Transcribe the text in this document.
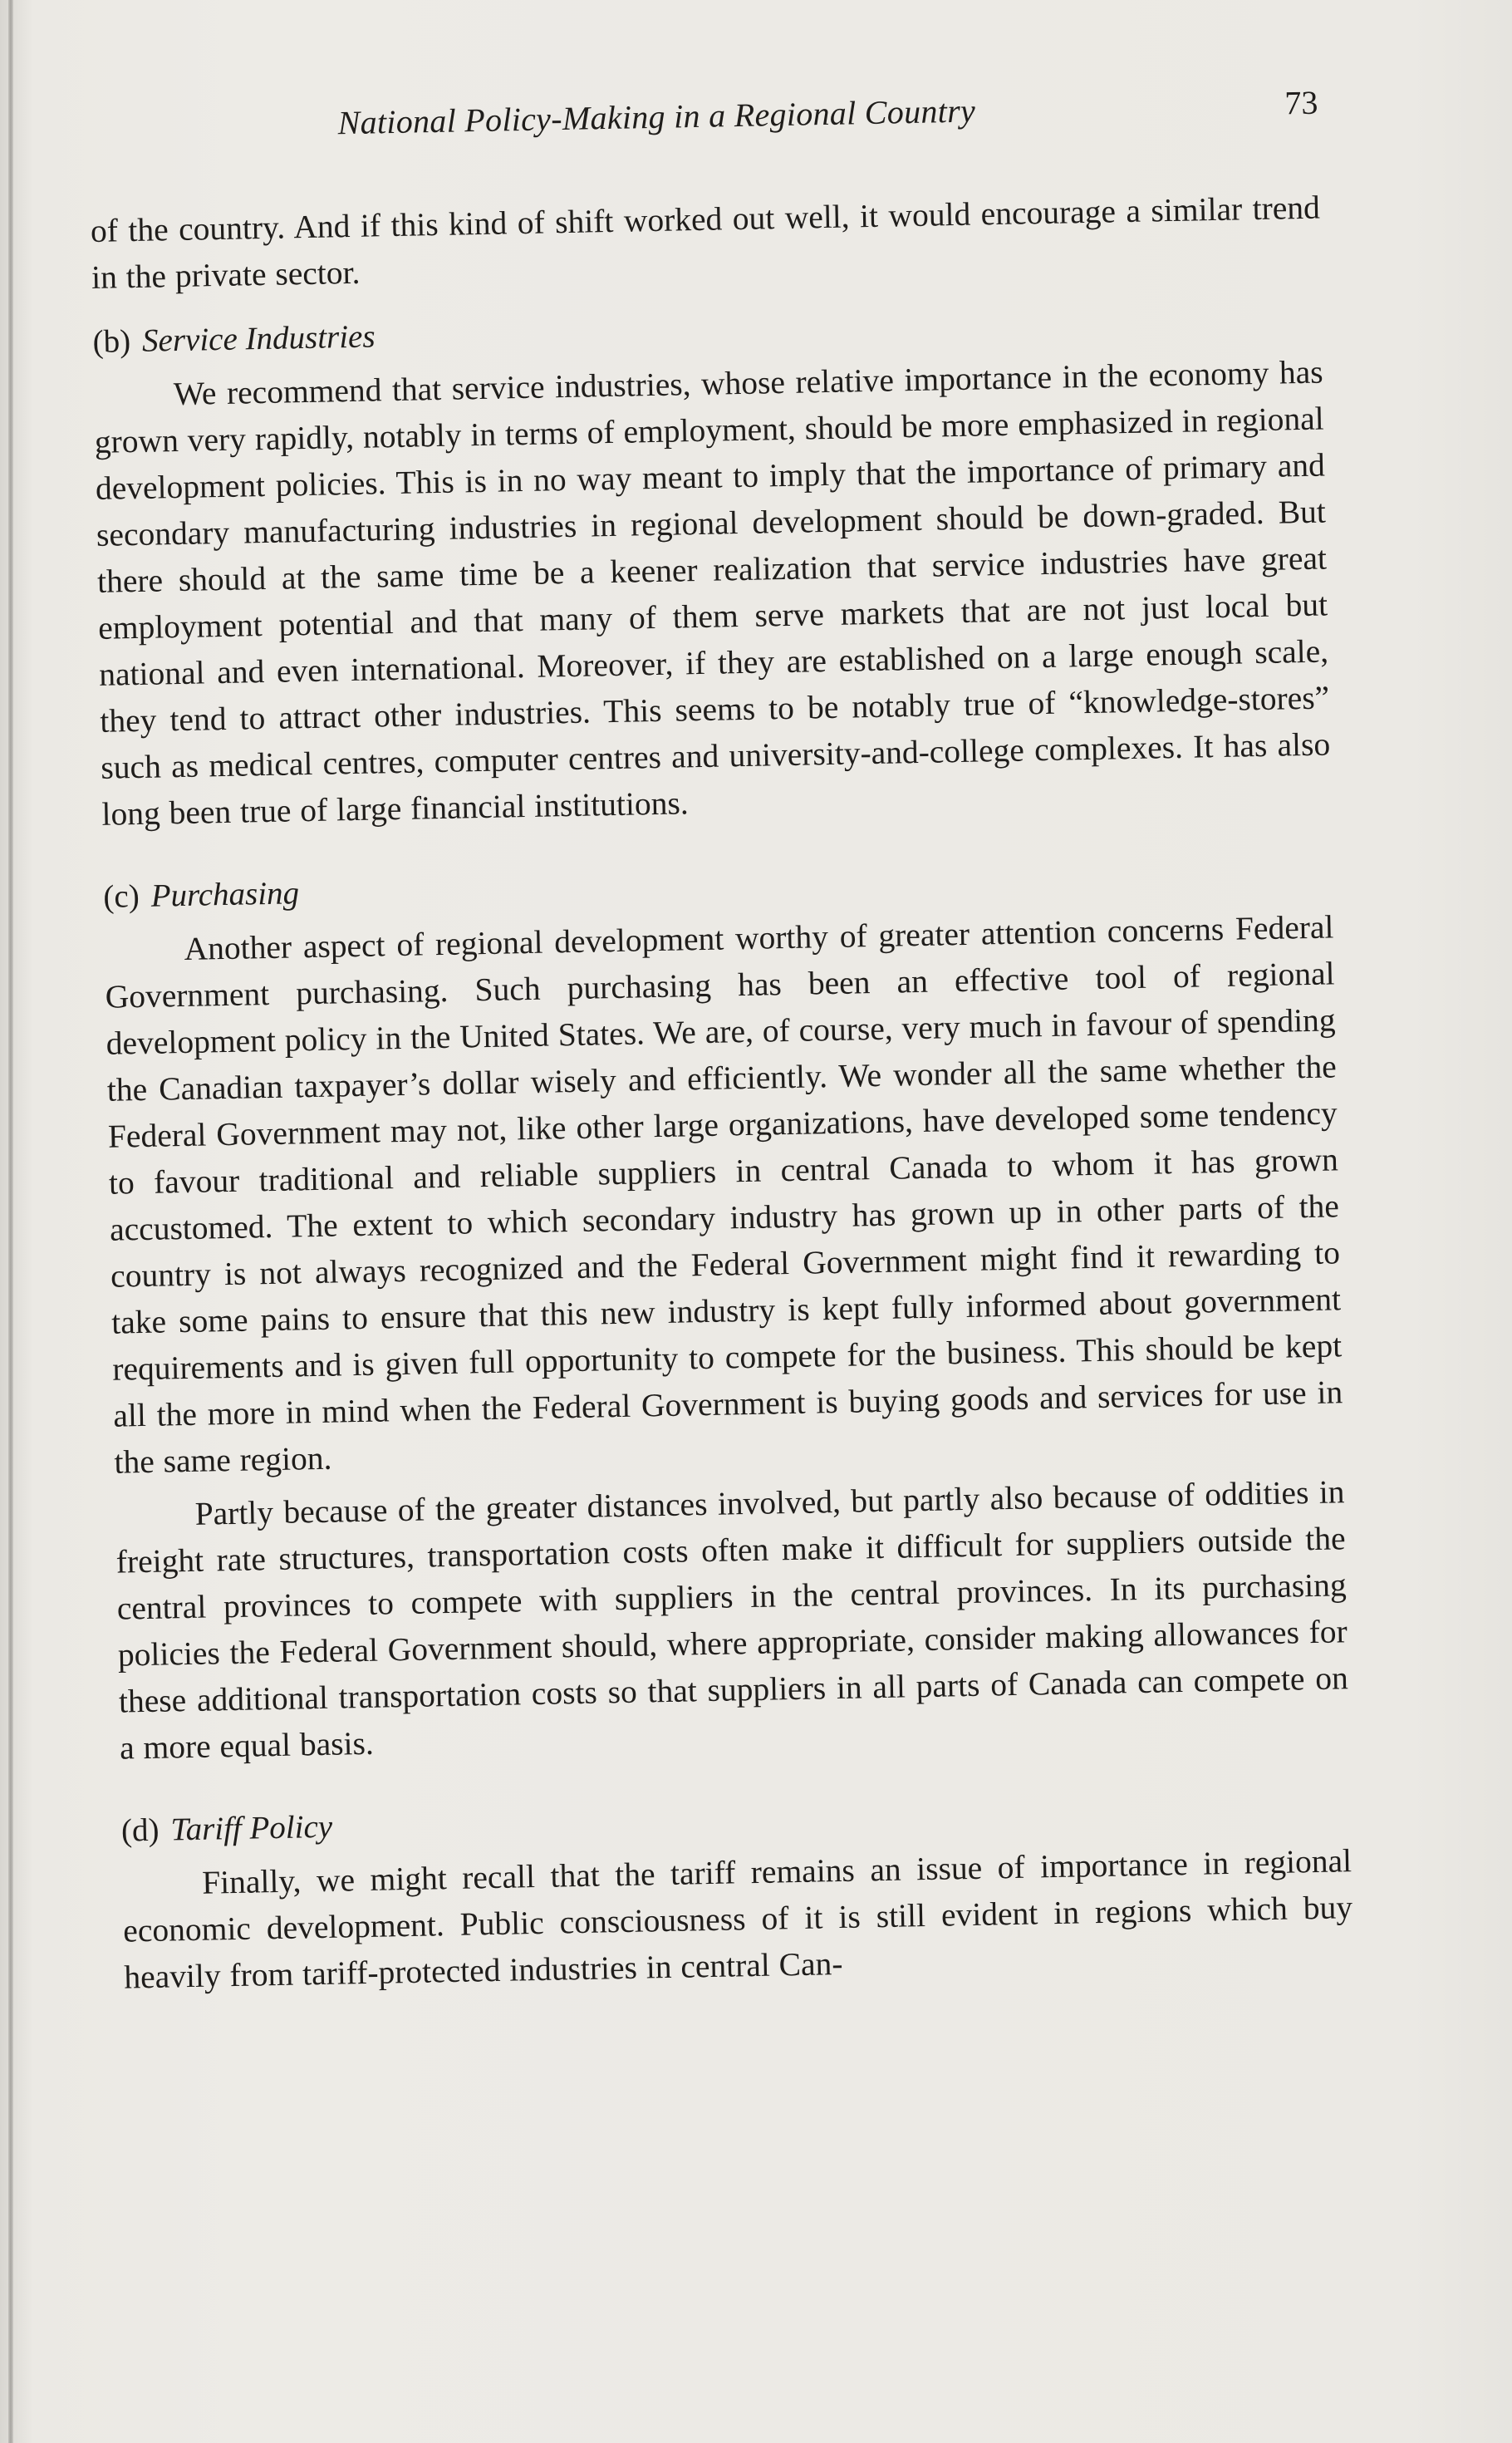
National Policy-Making in a Regional Country	73

of the country. And if this kind of shift worked out well, it would encourage a similar trend in the private sector.

(b) Service Industries

We recommend that service industries, whose relative importance in the economy has grown very rapidly, notably in terms of employment, should be more emphasized in regional development policies. This is in no way meant to imply that the importance of primary and secondary manufacturing industries in regional development should be down-graded. But there should at the same time be a keener realization that service industries have great employment potential and that many of them serve markets that are not just local but national and even international. Moreover, if they are established on a large enough scale, they tend to attract other industries. This seems to be notably true of “knowledge-stores” such as medical centres, computer centres and university-and-college complexes. It has also long been true of large financial institutions.

(c) Purchasing

Another aspect of regional development worthy of greater attention concerns Federal Government purchasing. Such purchasing has been an effective tool of regional development policy in the United States. We are, of course, very much in favour of spending the Canadian taxpayer’s dollar wisely and efficiently. We wonder all the same whether the Federal Government may not, like other large organizations, have developed some tendency to favour traditional and reliable suppliers in central Canada to whom it has grown accustomed. The extent to which secondary industry has grown up in other parts of the country is not always recognized and the Federal Government might find it rewarding to take some pains to ensure that this new industry is kept fully informed about government requirements and is given full opportunity to compete for the business. This should be kept all the more in mind when the Federal Government is buying goods and services for use in the same region.

Partly because of the greater distances involved, but partly also because of oddities in freight rate structures, transportation costs often make it difficult for suppliers outside the central provinces to compete with suppliers in the central provinces. In its purchasing policies the Federal Government should, where appropriate, consider making allowances for these additional transportation costs so that suppliers in all parts of Canada can compete on a more equal basis.

(d) Tariff Policy

Finally, we might recall that the tariff remains an issue of importance in regional economic development. Public consciousness of it is still evident in regions which buy heavily from tariff-protected industries in central Can-
